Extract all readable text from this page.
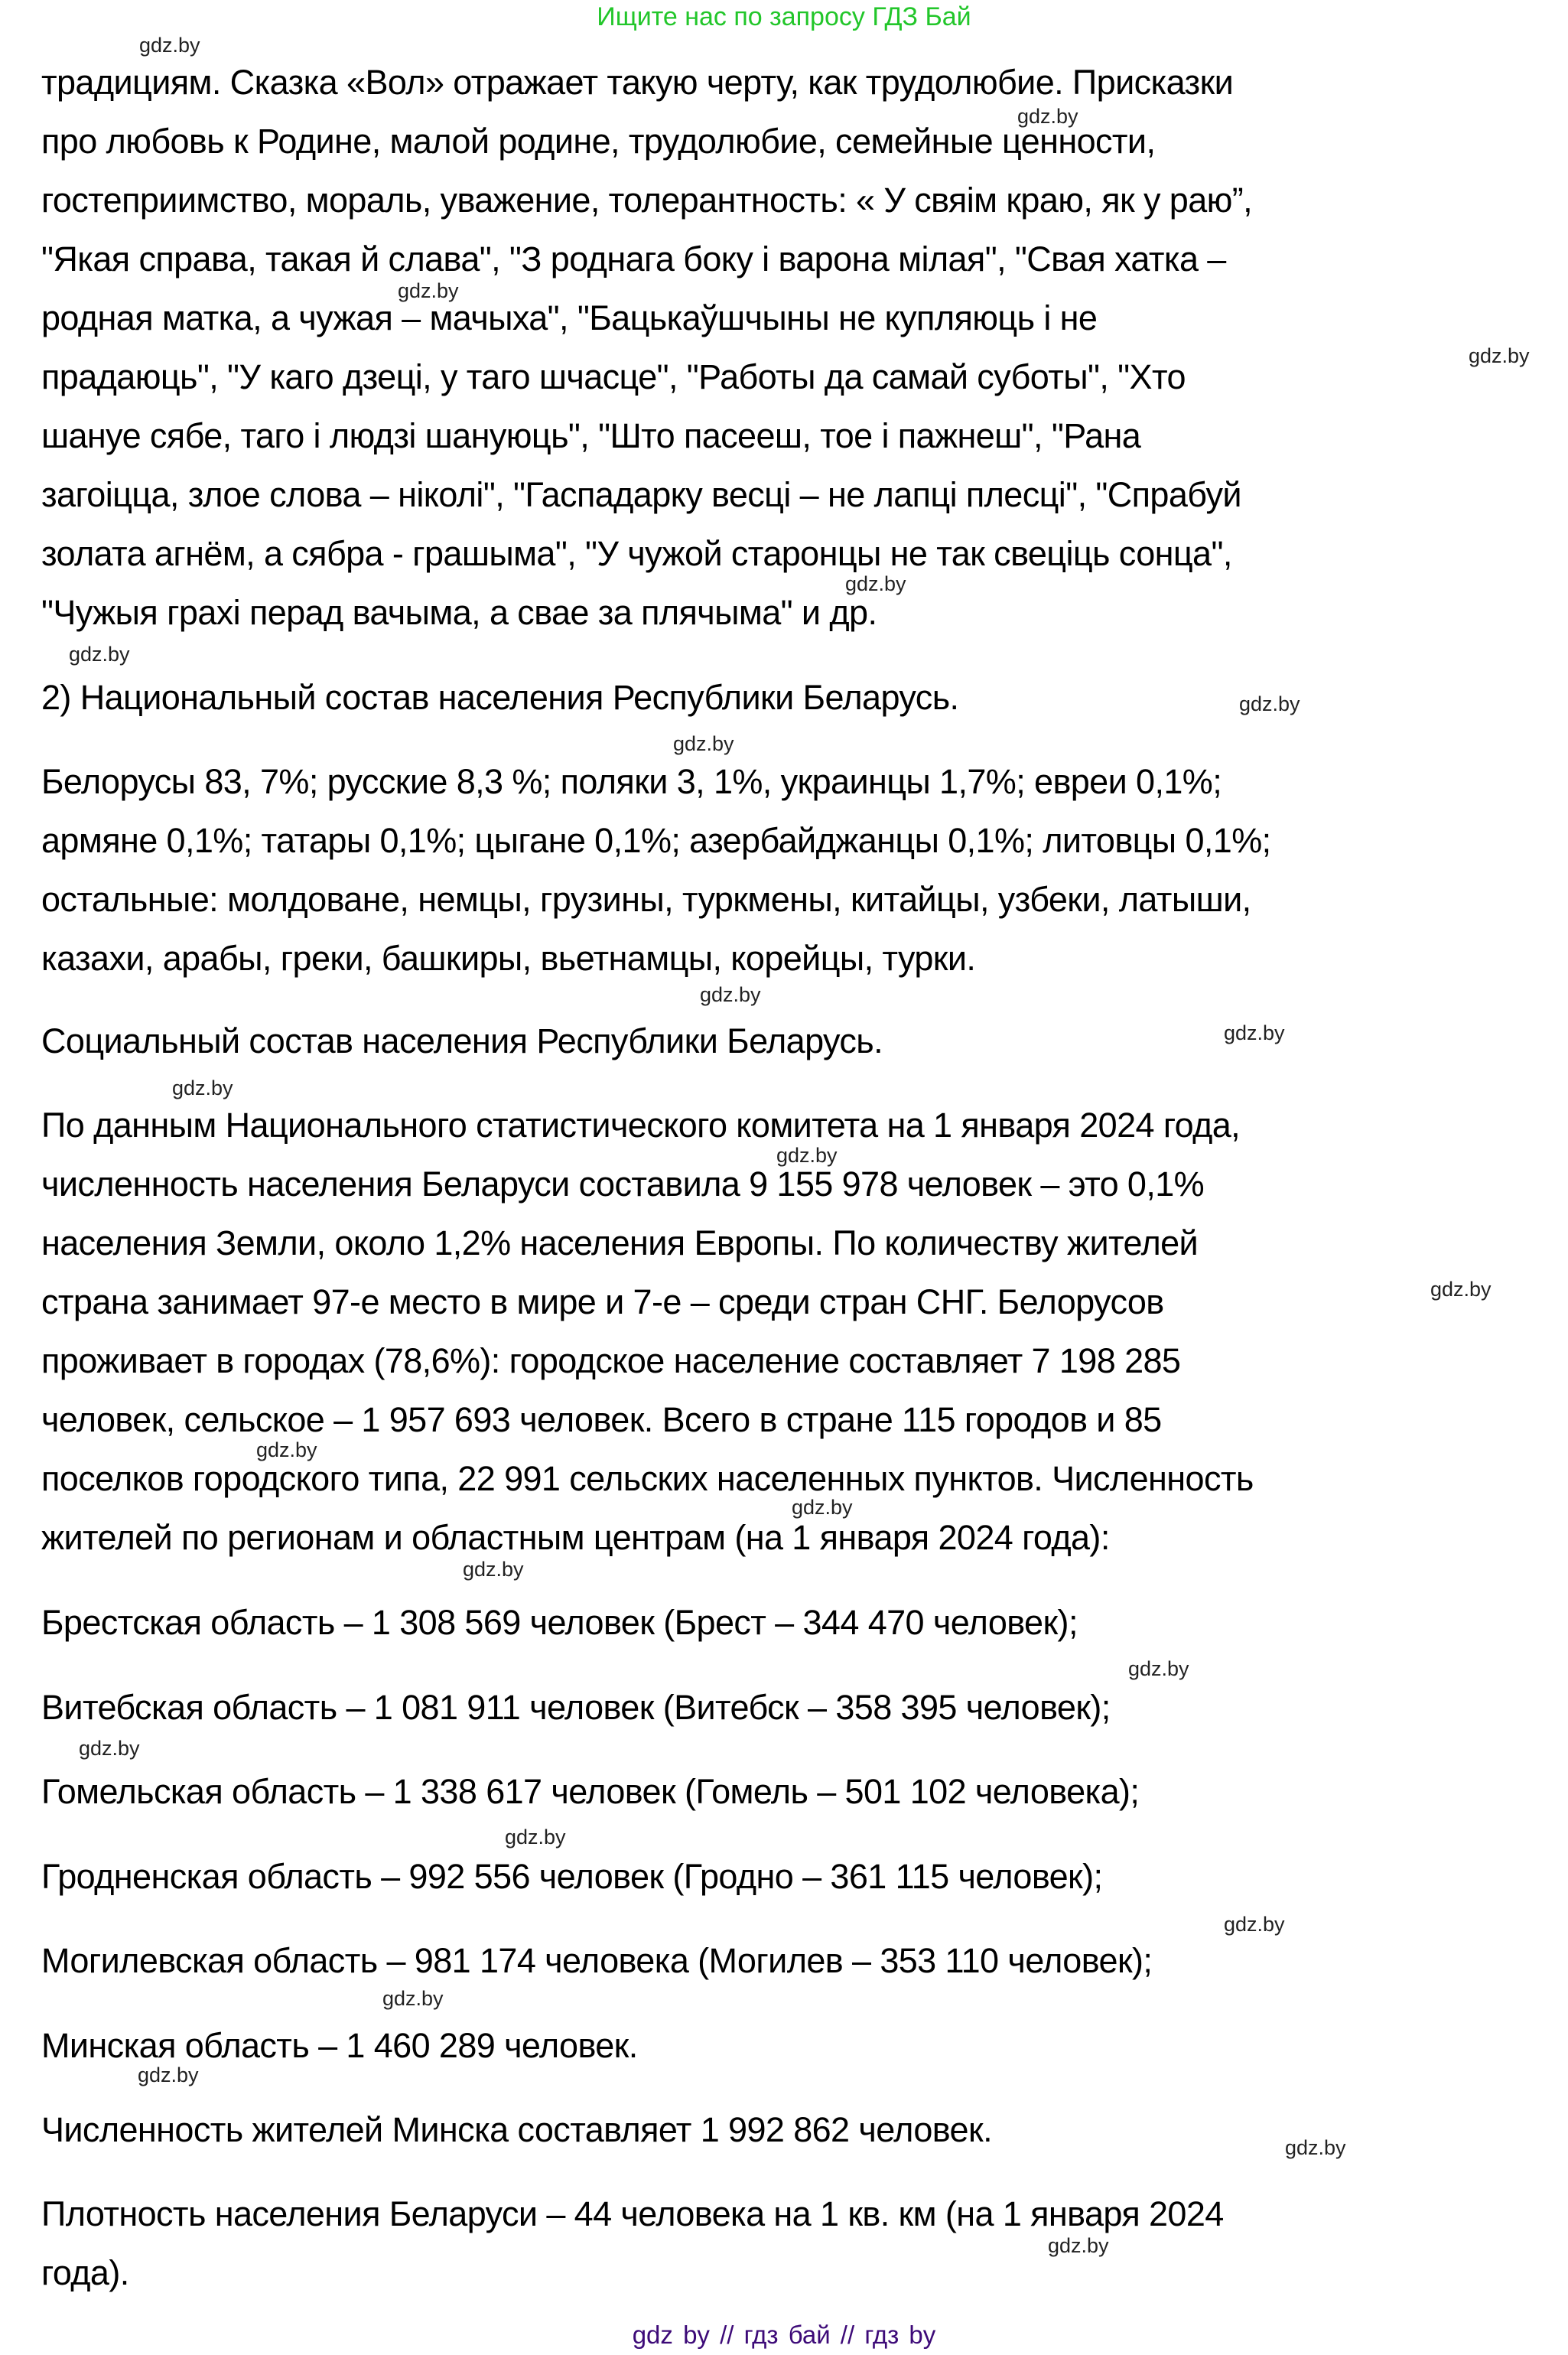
Ищите нас по запросу ГДЗ Бай
традициям. Сказка «Вол» отражает такую черту, как трудолюбие. Присказки
про любовь к Родине, малой родине, трудолюбие, семейные ценности,
гостеприимство, мораль, уважение, толерантность: « У свяім краю, як у раю”,
"Якая справа, такая й слава", "З роднага боку і варона мілая", "Свая хатка –
родная матка, а чужая – мачыха", "Бацькаўшчыны не купляюць і не
прадаюць", "У каго дзеці, у таго шчасце", "Работы да самай суботы", "Хто
шануе сябе, таго і людзі шануюць", "Што пасееш, тое і пажнеш", "Рана
загоiцца, злое слова – ніколі", "Гаспадарку весці – не лапці плесці", "Спрабуй
золата агнём, а сябра - грашыма", "У чужой старонцы не так свеціць сонца",
"Чужыя грахі перад вачыма, а свае за плячыма" и др.
2) Национальный состав населения Республики Беларусь.
Белорусы 83, 7%; русские 8,3 %; поляки 3, 1%, украинцы 1,7%; евреи 0,1%;
армяне 0,1%; татары 0,1%; цыгане 0,1%; азербайджанцы 0,1%; литовцы 0,1%;
остальные: молдоване, немцы, грузины, туркмены, китайцы, узбеки, латыши,
казахи, арабы, греки, башкиры, вьетнамцы, корейцы, турки.
Социальный состав населения Республики Беларусь.
По данным Национального статистического комитета на 1 января 2024 года,
численность населения Беларуси составила 9 155 978 человек – это 0,1%
населения Земли, около 1,2% населения Европы. По количеству жителей
страна занимает 97-е место в мире и 7-е – среди стран СНГ. Белорусов
проживает в городах (78,6%): городское население составляет 7 198 285
человек, сельское – 1 957 693 человек. Всего в стране 115 городов и 85
поселков городского типа, 22 991 сельских населенных пунктов. Численность
жителей по регионам и областным центрам (на 1 января 2024 года):
Брестская область – 1 308 569 человек (Брест – 344 470 человек);
Витебская область – 1 081 911 человек (Витебск – 358 395 человек);
Гомельская область – 1 338 617 человек (Гомель – 501 102 человека);
Гродненская область – 992 556 человек (Гродно – 361 115 человек);
Могилевская область – 981 174 человека (Могилев – 353 110 человек);
Минская область – 1 460 289 человек.
Численность жителей Минска составляет 1 992 862 человек.
Плотность населения Беларуси – 44 человека на 1 кв. км (на 1 января 2024
года).
gdz.by
gdz.by
gdz.by
gdz.by
gdz.by
gdz.by
gdz.by
gdz.by
gdz.by
gdz.by
gdz.by
gdz.by
gdz.by
gdz.by
gdz.by
gdz.by
gdz.by
gdz.by
gdz.by
gdz.by
gdz.by
gdz.by
gdz.by
gdz.by
gdz by // гдз бай // гдз by
